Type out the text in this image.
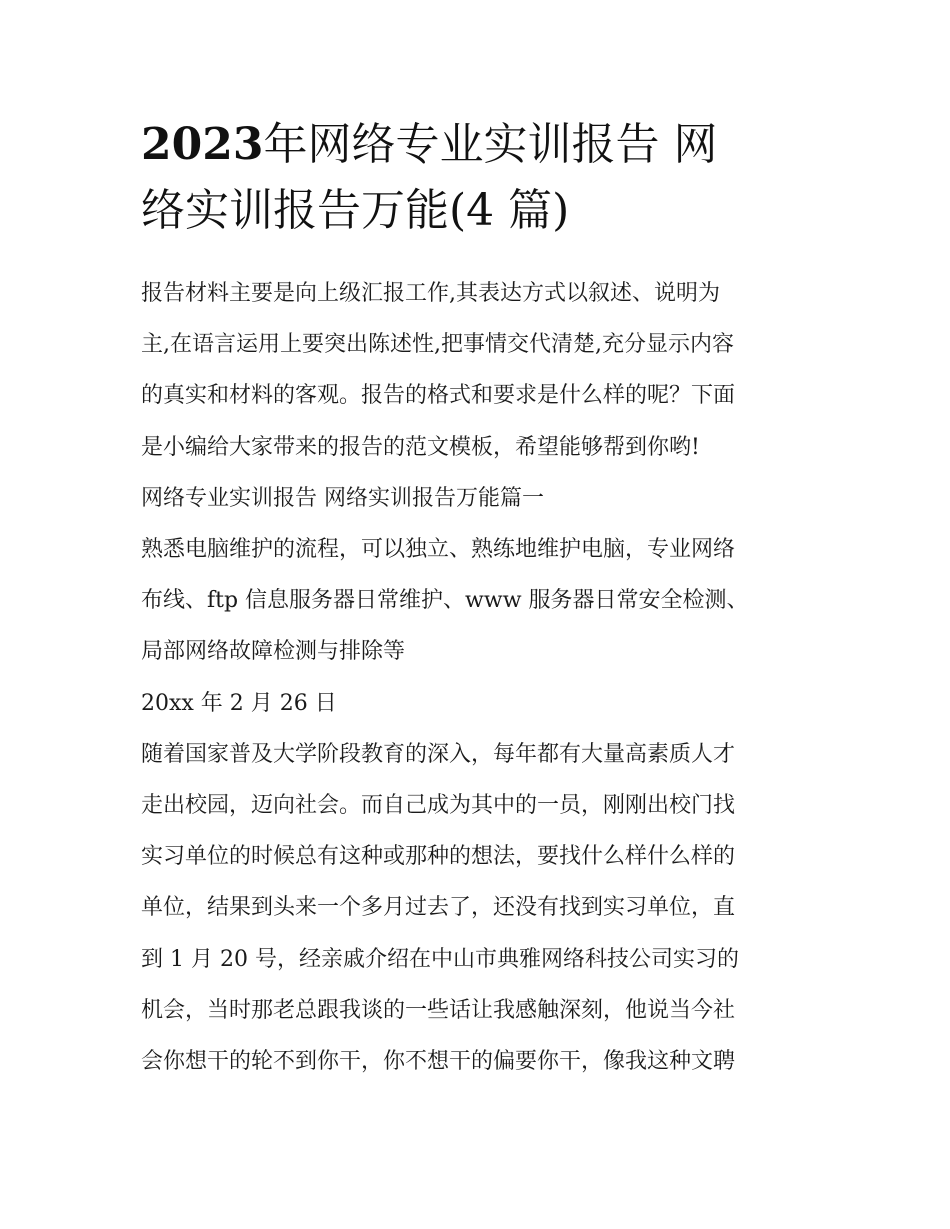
2023年网络专业实训报告 网
络实训报告万能(4 篇)
报告材料主要是向上级汇报工作,其表达方式以叙述、说明为
主,在语言运用上要突出陈述性,把事情交代清楚,充分显示内容
的真实和材料的客观。报告的格式和要求是什么样的呢？下面
是小编给大家带来的报告的范文模板，希望能够帮到你哟!
网络专业实训报告 网络实训报告万能篇一
熟悉电脑维护的流程，可以独立、熟练地维护电脑，专业网络
布线、ftp 信息服务器日常维护、www 服务器日常安全检测、
局部网络故障检测与排除等
20xx 年 2 月 26 日
随着国家普及大学阶段教育的深入，每年都有大量高素质人才
走出校园，迈向社会。而自己成为其中的一员，刚刚出校门找
实习单位的时候总有这种或那种的想法，要找什么样什么样的
单位，结果到头来一个多月过去了，还没有找到实习单位，直
到 1 月 20 号，经亲戚介绍在中山市典雅网络科技公司实习的
机会，当时那老总跟我谈的一些话让我感触深刻，他说当今社
会你想干的轮不到你干，你不想干的偏要你干，像我这种文聘
